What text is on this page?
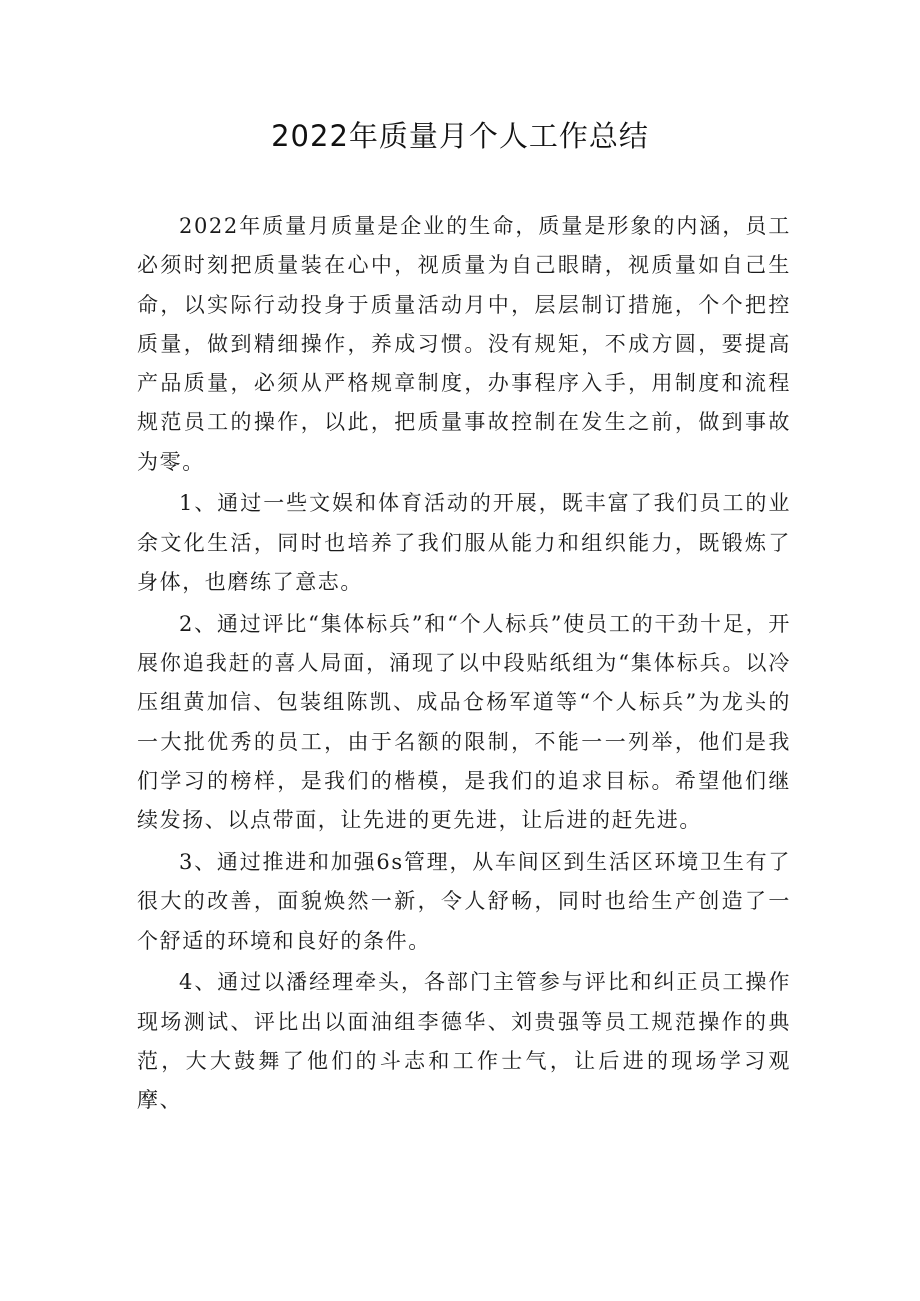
2022年质量月个人工作总结

2022年质量月质量是企业的生命，质量是形象的内涵，员工必须时刻把质量装在心中，视质量为自己眼睛，视质量如自己生命，以实际行动投身于质量活动月中，层层制订措施，个个把控质量，做到精细操作，养成习惯。没有规矩，不成方圆，要提高产品质量，必须从严格规章制度，办事程序入手，用制度和流程规范员工的操作，以此，把质量事故控制在发生之前，做到事故为零。

1、通过一些文娱和体育活动的开展，既丰富了我们员工的业余文化生活，同时也培养了我们服从能力和组织能力，既锻炼了身体，也磨练了意志。

2、通过评比“集体标兵”和“个人标兵”使员工的干劲十足，开展你追我赶的喜人局面，涌现了以中段贴纸组为“集体标兵。以冷压组黄加信、包装组陈凯、成品仓杨军道等“个人标兵”为龙头的一大批优秀的员工，由于名额的限制，不能一一列举，他们是我们学习的榜样，是我们的楷模，是我们的追求目标。希望他们继续发扬、以点带面，让先进的更先进，让后进的赶先进。

3、通过推进和加强6s管理，从车间区到生活区环境卫生有了很大的改善，面貌焕然一新，令人舒畅，同时也给生产创造了一个舒适的环境和良好的条件。

4、通过以潘经理牵头，各部门主管参与评比和纠正员工操作现场测试、评比出以面油组李德华、刘贵强等员工规范操作的典范，大大鼓舞了他们的斗志和工作士气，让后进的现场学习观摩、
